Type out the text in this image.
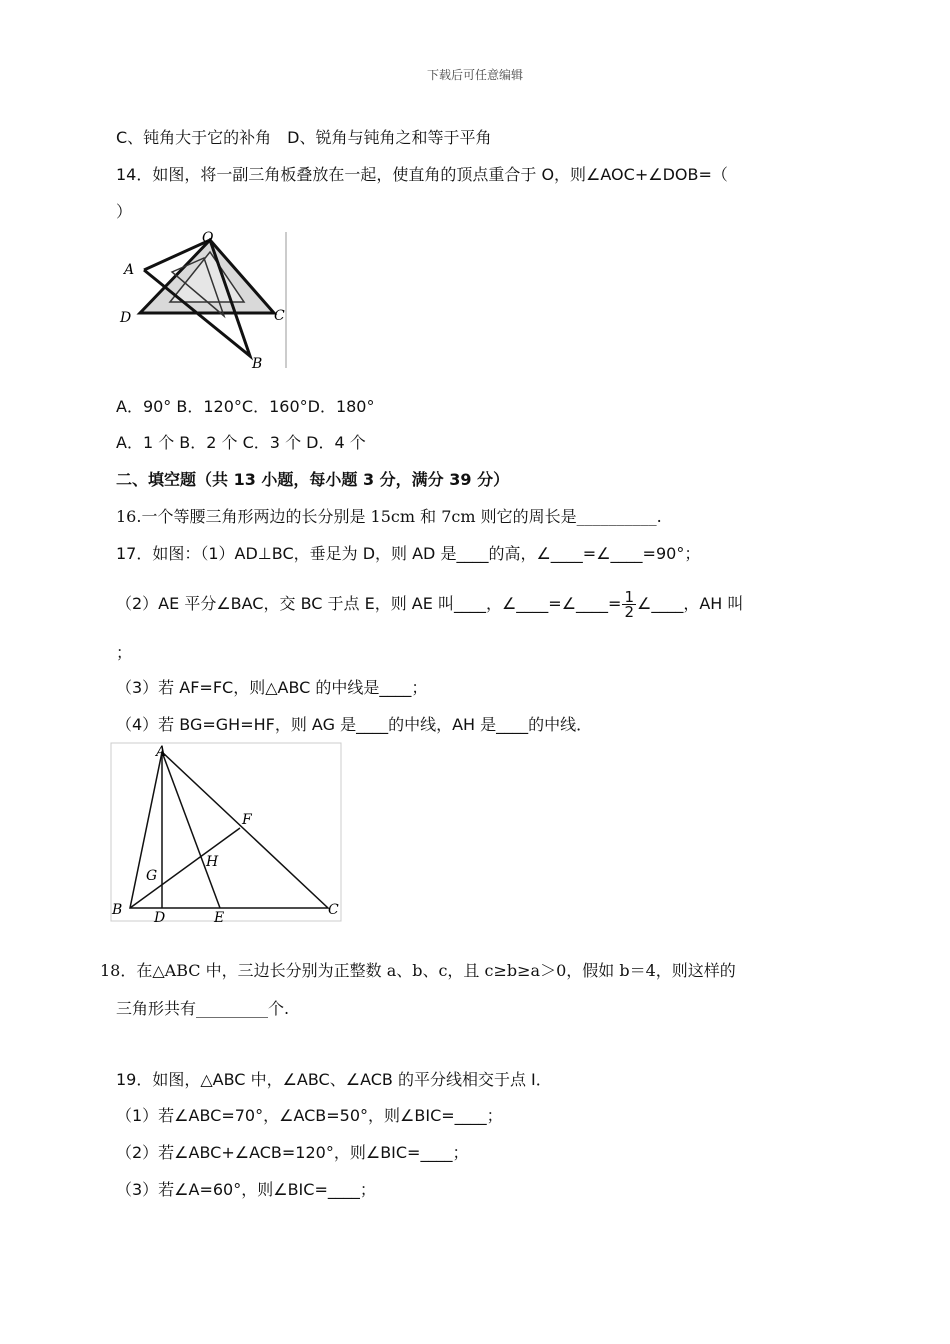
下载后可任意编辑
C、钝角大于它的补角　D、锐角与钝角之和等于平角
14．如图，将一副三角板叠放在一起，使直角的顶点重合于 O，则∠AOC+∠DOB=（
）
O
A
D	C
B
A．90° B．120°C．160°D．180°
A．1 个 B．2 个 C．3 个 D．4 个
二、填空题（共 13 小题，每小题 3 分，满分 39 分）
16.一个等腰三角形两边的长分别是 15cm 和 7cm 则它的周长是__________.
17．如图：（1）AD⊥BC，垂足为 D，则 AD 是____的高，∠____=∠____=90°；
（2）AE 平分∠BAC，交 BC 于点 E，则 AE 叫____，∠____=∠____= $\frac{1}{2}$ ∠____，AH 叫
；
（3）若 AF=FC，则△ABC 的中线是____；
（4）若 BG=GH=HF，则 AG 是____的中线，AH 是____的中线．
A
B	C
D	E
F
G
H
18．在△ABC 中，三边长分别为正整数 a、b、c，且 c≥b≥a＞0，假如 b＝4，则这样的
三角形共有_________个.
19．如图，△ABC 中，∠ABC、∠ACB 的平分线相交于点 I．
（1）若∠ABC=70°，∠ACB=50°，则∠BIC=____；
（2）若∠ABC+∠ACB=120°，则∠BIC=____；
（3）若∠A=60°，则∠BIC=____；
